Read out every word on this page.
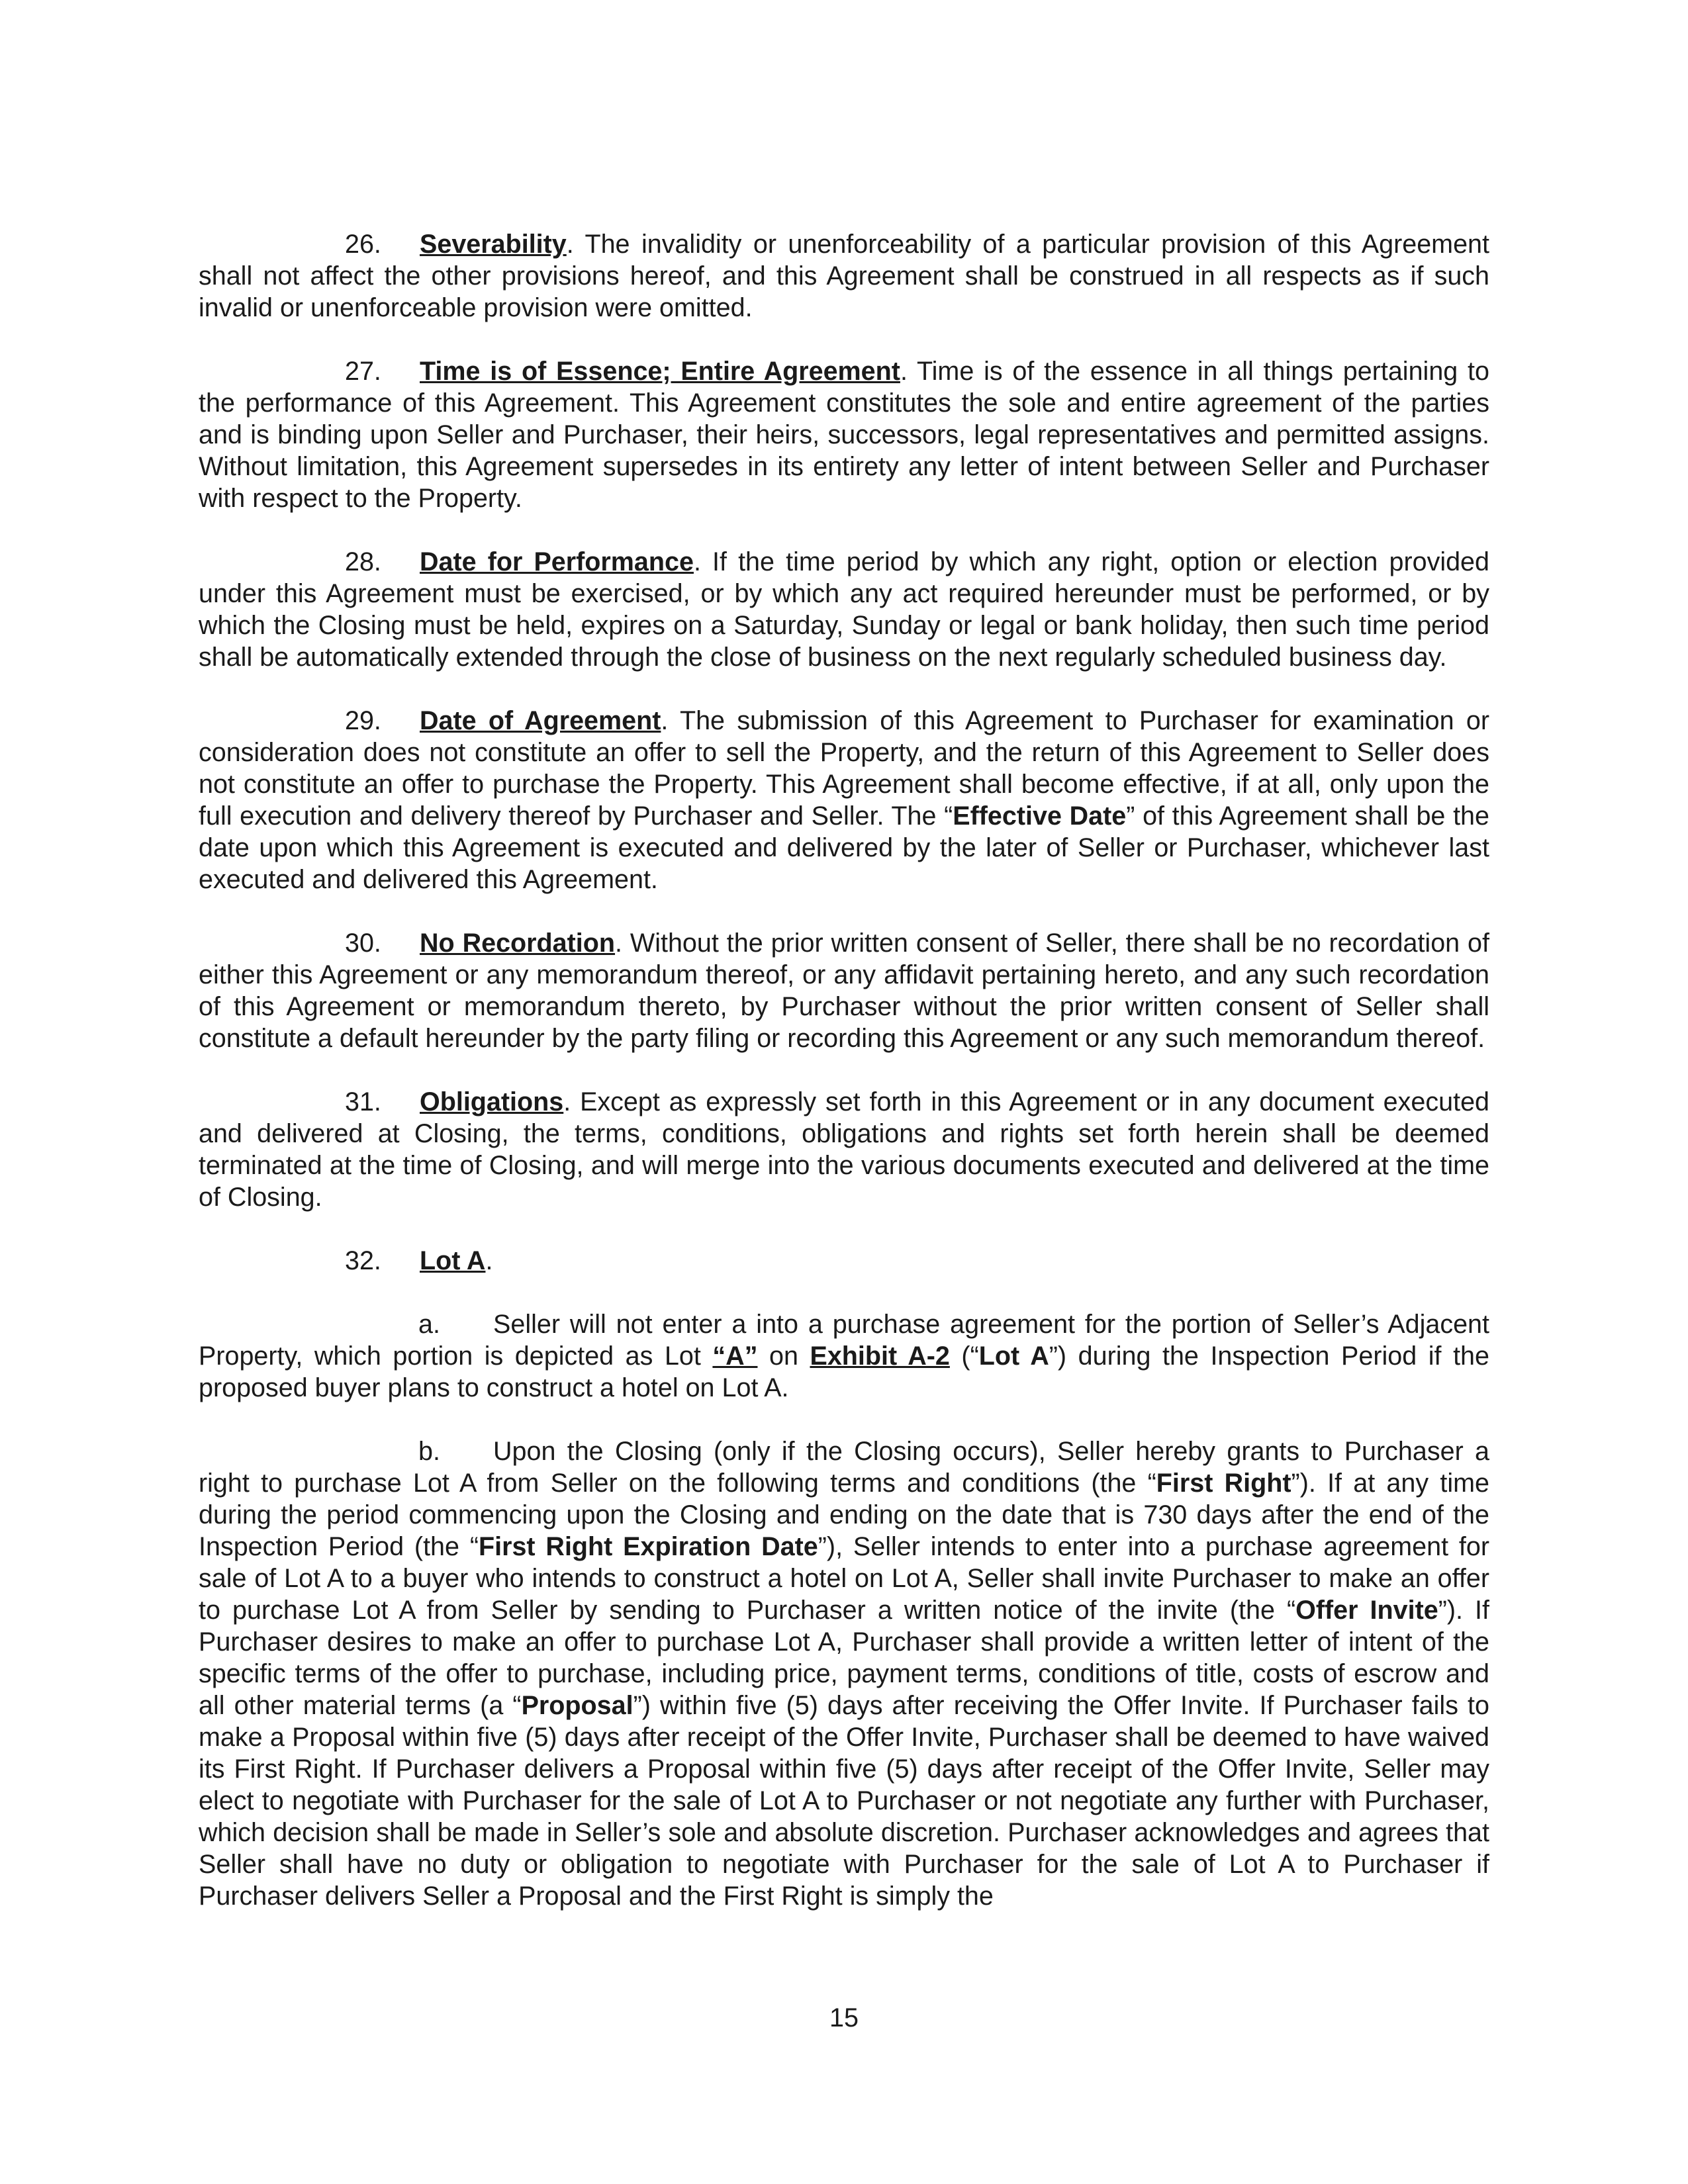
26. Severability. The invalidity or unenforceability of a particular provision of this Agreement shall not affect the other provisions hereof, and this Agreement shall be construed in all respects as if such invalid or unenforceable provision were omitted.

27. Time is of Essence; Entire Agreement. Time is of the essence in all things pertaining to the performance of this Agreement. This Agreement constitutes the sole and entire agreement of the parties and is binding upon Seller and Purchaser, their heirs, successors, legal representatives and permitted assigns. Without limitation, this Agreement supersedes in its entirety any letter of intent between Seller and Purchaser with respect to the Property.

28. Date for Performance. If the time period by which any right, option or election provided under this Agreement must be exercised, or by which any act required hereunder must be performed, or by which the Closing must be held, expires on a Saturday, Sunday or legal or bank holiday, then such time period shall be automatically extended through the close of business on the next regularly scheduled business day.

29. Date of Agreement. The submission of this Agreement to Purchaser for examination or consideration does not constitute an offer to sell the Property, and the return of this Agreement to Seller does not constitute an offer to purchase the Property. This Agreement shall become effective, if at all, only upon the full execution and delivery thereof by Purchaser and Seller. The “Effective Date” of this Agreement shall be the date upon which this Agreement is executed and delivered by the later of Seller or Purchaser, whichever last executed and delivered this Agreement.

30. No Recordation. Without the prior written consent of Seller, there shall be no recordation of either this Agreement or any memorandum thereof, or any affidavit pertaining hereto, and any such recordation of this Agreement or memorandum thereto, by Purchaser without the prior written consent of Seller shall constitute a default hereunder by the party filing or recording this Agreement or any such memorandum thereof.

31. Obligations. Except as expressly set forth in this Agreement or in any document executed and delivered at Closing, the terms, conditions, obligations and rights set forth herein shall be deemed terminated at the time of Closing, and will merge into the various documents executed and delivered at the time of Closing.

32. Lot A.

a. Seller will not enter a into a purchase agreement for the portion of Seller’s Adjacent Property, which portion is depicted as Lot “A” on Exhibit A-2 (“Lot A”) during the Inspection Period if the proposed buyer plans to construct a hotel on Lot A.

b. Upon the Closing (only if the Closing occurs), Seller hereby grants to Purchaser a right to purchase Lot A from Seller on the following terms and conditions (the “First Right”). If at any time during the period commencing upon the Closing and ending on the date that is 730 days after the end of the Inspection Period (the “First Right Expiration Date”), Seller intends to enter into a purchase agreement for sale of Lot A to a buyer who intends to construct a hotel on Lot A, Seller shall invite Purchaser to make an offer to purchase Lot A from Seller by sending to Purchaser a written notice of the invite (the “Offer Invite”). If Purchaser desires to make an offer to purchase Lot A, Purchaser shall provide a written letter of intent of the specific terms of the offer to purchase, including price, payment terms, conditions of title, costs of escrow and all other material terms (a “Proposal”) within five (5) days after receiving the Offer Invite. If Purchaser fails to make a Proposal within five (5) days after receipt of the Offer Invite, Purchaser shall be deemed to have waived its First Right. If Purchaser delivers a Proposal within five (5) days after receipt of the Offer Invite, Seller may elect to negotiate with Purchaser for the sale of Lot A to Purchaser or not negotiate any further with Purchaser, which decision shall be made in Seller’s sole and absolute discretion. Purchaser acknowledges and agrees that Seller shall have no duty or obligation to negotiate with Purchaser for the sale of Lot A to Purchaser if Purchaser delivers Seller a Proposal and the First Right is simply the

15
